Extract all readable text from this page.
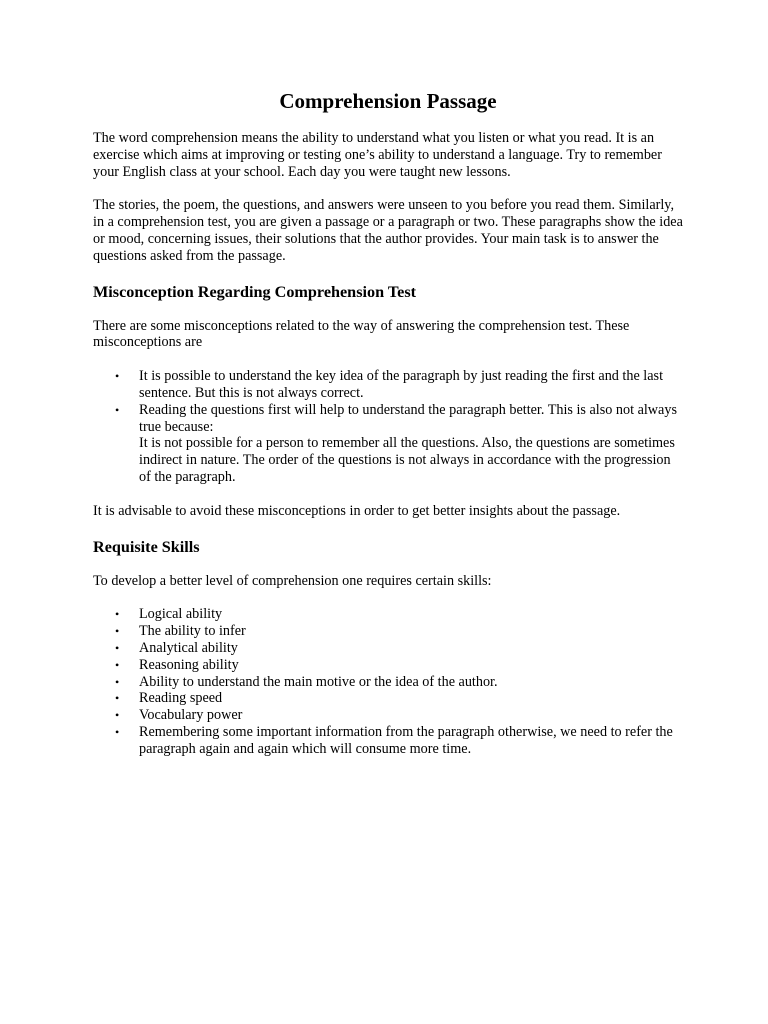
Comprehension Passage

The word comprehension means the ability to understand what you listen or what you read. It is an exercise which aims at improving or testing one’s ability to understand a language. Try to remember your English class at your school. Each day you were taught new lessons.

The stories, the poem, the questions, and answers were unseen to you before you read them. Similarly, in a comprehension test, you are given a passage or a paragraph or two. These paragraphs show the idea or mood, concerning issues, their solutions that the author provides. Your main task is to answer the questions asked from the passage.

Misconception Regarding Comprehension Test

There are some misconceptions related to the way of answering the comprehension test. These misconceptions are

• It is possible to understand the key idea of the paragraph by just reading the first and the last sentence. But this is not always correct.
• Reading the questions first will help to understand the paragraph better. This is also not always true because:
It is not possible for a person to remember all the questions. Also, the questions are sometimes indirect in nature. The order of the questions is not always in accordance with the progression of the paragraph.

It is advisable to avoid these misconceptions in order to get better insights about the passage.

Requisite Skills

To develop a better level of comprehension one requires certain skills:

• Logical ability
• The ability to infer
• Analytical ability
• Reasoning ability
• Ability to understand the main motive or the idea of the author.
• Reading speed
• Vocabulary power
• Remembering some important information from the paragraph otherwise, we need to refer the paragraph again and again which will consume more time.
